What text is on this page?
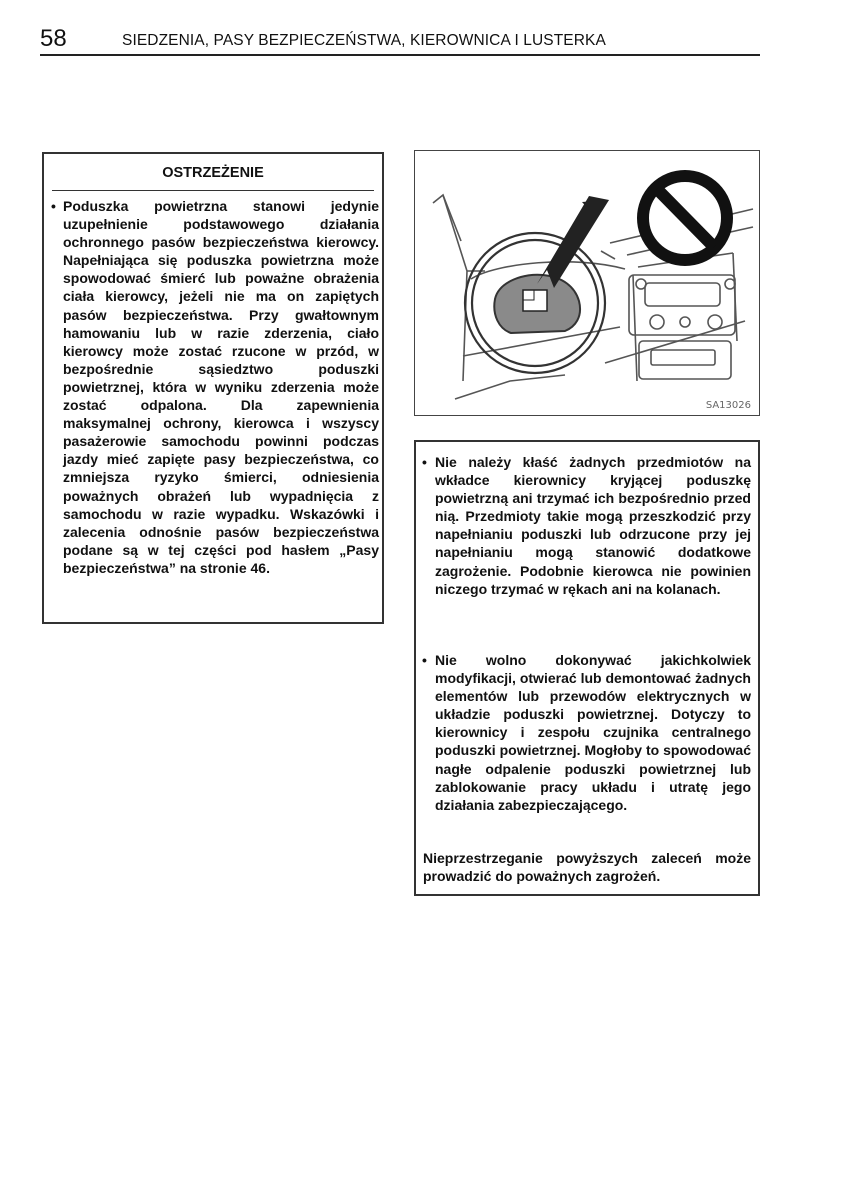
58	SIEDZENIA, PASY BEZPIECZEŃSTWA, KIEROWNICA I LUSTERKA
OSTRZEŻENIE
• Poduszka powietrzna stanowi jedynie uzupełnienie podstawowego działania ochronnego pasów bezpieczeństwa kierowcy. Napełniająca się poduszka powietrzna może spowodować śmierć lub poważne obrażenia ciała kierowcy, jeżeli nie ma on zapiętych pasów bezpieczeństwa. Przy gwałtownym hamowaniu lub w razie zderzenia, ciało kierowcy może zostać rzucone w przód, w bezpośrednie sąsiedztwo poduszki powietrznej, która w wyniku zderzenia może zostać odpalona. Dla zapewnienia maksymalnej ochrony, kierowca i wszyscy pasażerowie samochodu powinni podczas jazdy mieć zapięte pasy bezpieczeństwa, co zmniejsza ryzyko śmierci, odniesienia poważnych obrażeń lub wypadnięcia z samochodu w razie wypadku. Wskazówki i zalecenia odnośnie pasów bezpieczeństwa podane są w tej części pod hasłem „Pasy bezpieczeństwa” na stronie 46.
SA13026
• Nie należy kłaść żadnych przedmiotów na wkładce kierownicy kryjącej poduszkę powietrzną ani trzymać ich bezpośrednio przed nią. Przedmioty takie mogą przeszkodzić przy napełnianiu poduszki lub odrzucone przy jej napełnianiu mogą stanowić dodatkowe zagrożenie. Podobnie kierowca nie powinien niczego trzymać w rękach ani na kolanach.
• Nie wolno dokonywać jakichkolwiek modyfikacji, otwierać lub demontować żadnych elementów lub przewodów elektrycznych w układzie poduszki powietrznej. Dotyczy to kierownicy i zespołu czujnika centralnego poduszki powietrznej. Mogłoby to spowodować nagłe odpalenie poduszki powietrznej lub zablokowanie pracy układu i utratę jego działania zabezpieczającego.
Nieprzestrzeganie powyższych zaleceń może prowadzić do poważnych zagrożeń.
